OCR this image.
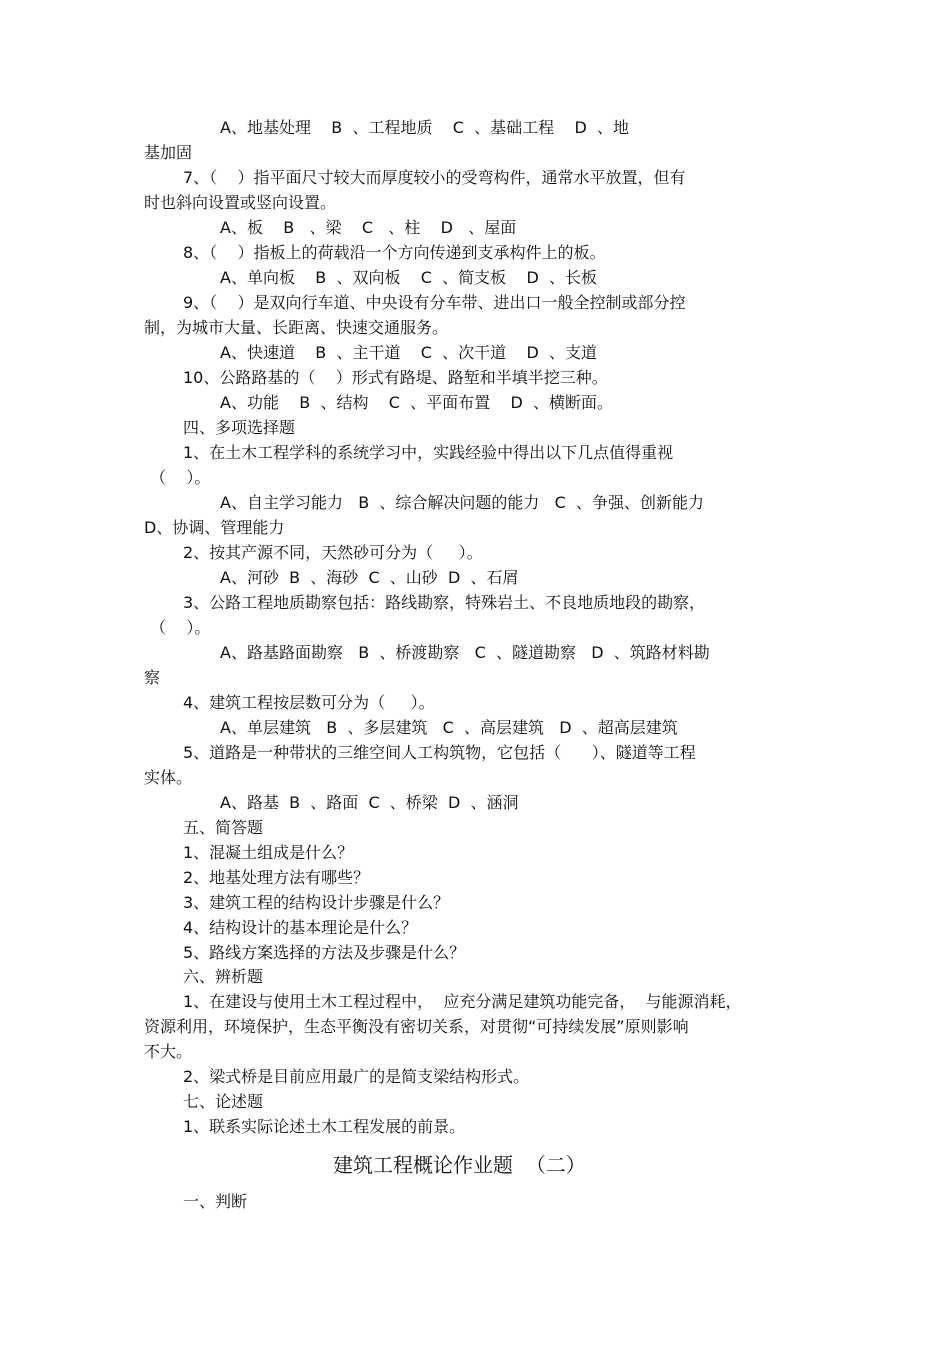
A、地基处理    B  、工程地质    C  、基础工程    D  、地
基加固
7、（    ）指平面尺寸较大而厚度较小的受弯构件，通常水平放置，但有
时也斜向设置或竖向设置。
A、板    B   、梁    C   、柱    D   、屋面
8、（    ）指板上的荷载沿一个方向传递到支承构件上的板。
A、单向板    B  、双向板    C  、简支板    D  、长板
9、（    ）是双向行车道、中央设有分车带、进出口一般全控制或部分控
制，为城市大量、长距离、快速交通服务。
A、快速道    B  、主干道    C  、次干道    D  、支道
10、公路路基的（    ）形式有路堤、路堑和半填半挖三种。
A、功能    B  、结构    C  、平面布置    D  、横断面。
四、多项选择题
1、在土木工程学科的系统学习中，实践经验中得出以下几点值得重视
（    ）。
A、自主学习能力   B  、综合解决问题的能力   C  、争强、创新能力
D、协调、管理能力
2、按其产源不同，天然砂可分为（     ）。
A、河砂  B  、海砂  C  、山砂  D  、石屑
3、公路工程地质勘察包括：路线勘察，特殊岩土、不良地质地段的勘察，
（    ）。
A、路基路面勘察   B  、桥渡勘察   C  、隧道勘察   D  、筑路材料勘
察
4、建筑工程按层数可分为（     ）。
A、单层建筑   B  、多层建筑   C  、高层建筑   D  、超高层建筑
5、道路是一种带状的三维空间人工构筑物，它包括（      ）、隧道等工程
实体。
A、路基  B  、路面  C  、桥梁  D  、涵洞
五、简答题
1、混凝土组成是什么？
2、地基处理方法有哪些？
3、建筑工程的结构设计步骤是什么？
4、结构设计的基本理论是什么？
5、路线方案选择的方法及步骤是什么？
六、辨析题
1、在建设与使用土木工程过程中，  应充分满足建筑功能完备，  与能源消耗，
资源利用，环境保护，生态平衡没有密切关系，对贯彻“可持续发展”原则影响
不大。
2、梁式桥是目前应用最广的是简支梁结构形式。
七、论述题
1、联系实际论述土木工程发展的前景。
建筑工程概论作业题  （二）
一、判断
